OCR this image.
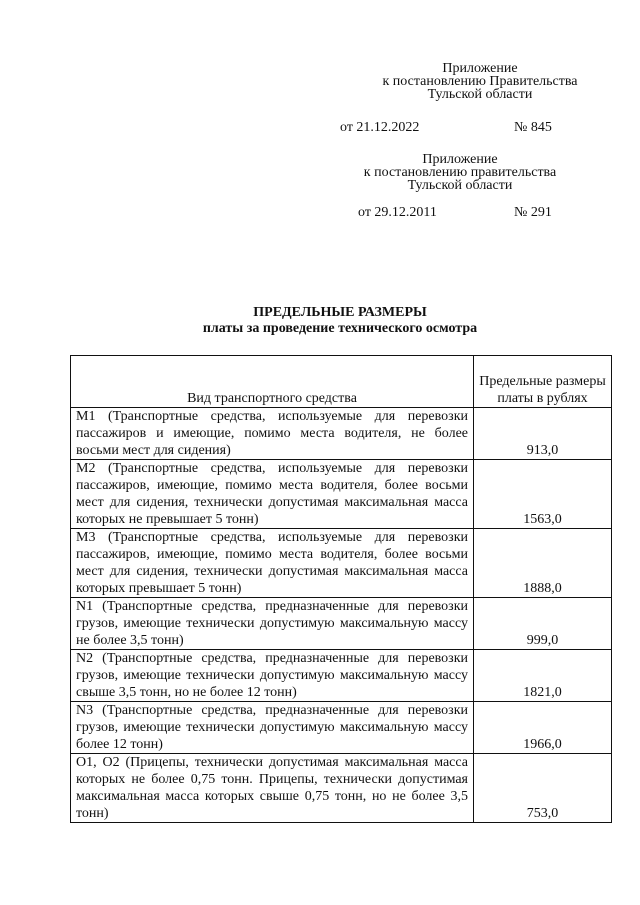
Приложение
к постановлению Правительства
Тульской области
от 21.12.2022	№ 845
Приложение
к постановлению правительства
Тульской области
от 29.12.2011	№ 291
ПРЕДЕЛЬНЫЕ РАЗМЕРЫ
платы за проведение технического осмотра
Вид транспортного средства	Предельные размеры платы в рублях
М1 (Транспортные средства, используемые для перевозки пассажиров и имеющие, помимо места водителя, не более восьми мест для сидения)	913,0
М2 (Транспортные средства, используемые для перевозки пассажиров, имеющие, помимо места водителя, более восьми мест для сидения, технически допустимая максимальная масса которых не превышает 5 тонн)	1563,0
М3 (Транспортные средства, используемые для перевозки пассажиров, имеющие, помимо места водителя, более восьми мест для сидения, технически допустимая максимальная масса которых превышает 5 тонн)	1888,0
N1 (Транспортные средства, предназначенные для перевозки грузов, имеющие технически допустимую максимальную массу не более 3,5 тонн)	999,0
N2 (Транспортные средства, предназначенные для перевозки грузов, имеющие технически допустимую максимальную массу свыше 3,5 тонн, но не более 12 тонн)	1821,0
N3 (Транспортные средства, предназначенные для перевозки грузов, имеющие технически допустимую максимальную массу более 12 тонн)	1966,0
O1, O2 (Прицепы, технически допустимая максимальная масса которых не более 0,75 тонн. Прицепы, технически допустимая максимальная масса которых свыше 0,75 тонн, но не более 3,5 тонн)	753,0
